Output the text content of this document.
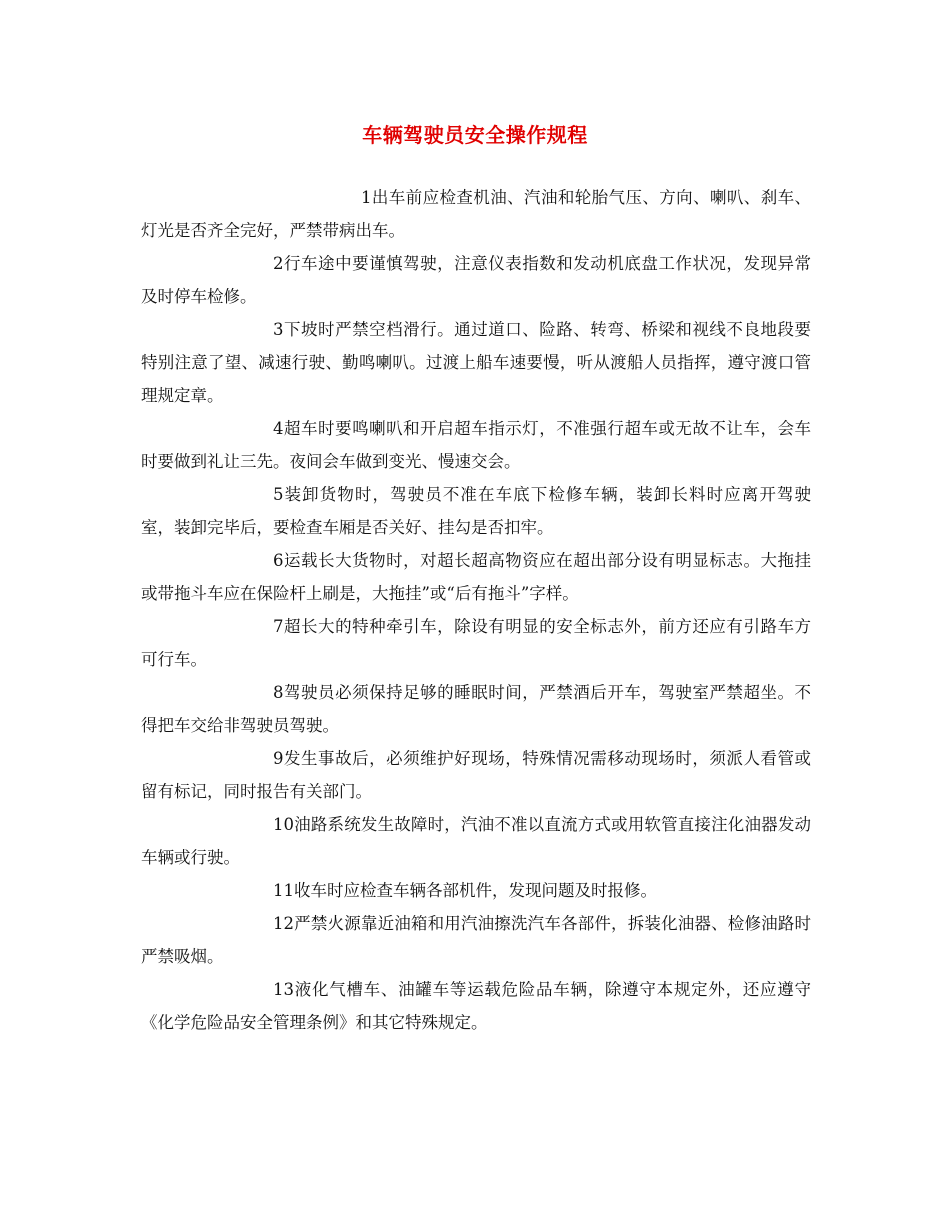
车辆驾驶员安全操作规程

1出车前应检查机油、汽油和轮胎气压、方向、喇叭、刹车、灯光是否齐全完好，严禁带病出车。

2行车途中要谨慎驾驶，注意仪表指数和发动机底盘工作状况，发现异常及时停车检修。

3下坡时严禁空档滑行。通过道口、险路、转弯、桥梁和视线不良地段要特别注意了望、减速行驶、勤鸣喇叭。过渡上船车速要慢，听从渡船人员指挥，遵守渡口管理规定章。

4超车时要鸣喇叭和开启超车指示灯，不准强行超车或无故不让车，会车时要做到礼让三先。夜间会车做到变光、慢速交会。

5装卸货物时，驾驶员不准在车底下检修车辆，装卸长料时应离开驾驶室，装卸完毕后，要检查车厢是否关好、挂勾是否扣牢。

6运载长大货物时，对超长超高物资应在超出部分设有明显标志。大拖挂或带拖斗车应在保险杆上刷是，大拖挂”或“后有拖斗”字样。

7超长大的特种牵引车，除设有明显的安全标志外，前方还应有引路车方可行车。

8驾驶员必须保持足够的睡眠时间，严禁酒后开车，驾驶室严禁超坐。不得把车交给非驾驶员驾驶。

9发生事故后，必须维护好现场，特殊情况需移动现场时，须派人看管或留有标记，同时报告有关部门。

10油路系统发生故障时，汽油不准以直流方式或用软管直接注化油器发动车辆或行驶。

11收车时应检查车辆各部机件，发现问题及时报修。

12严禁火源靠近油箱和用汽油擦洗汽车各部件，拆装化油器、检修油路时严禁吸烟。

13液化气槽车、油罐车等运载危险品车辆，除遵守本规定外，还应遵守《化学危险品安全管理条例》和其它特殊规定。
